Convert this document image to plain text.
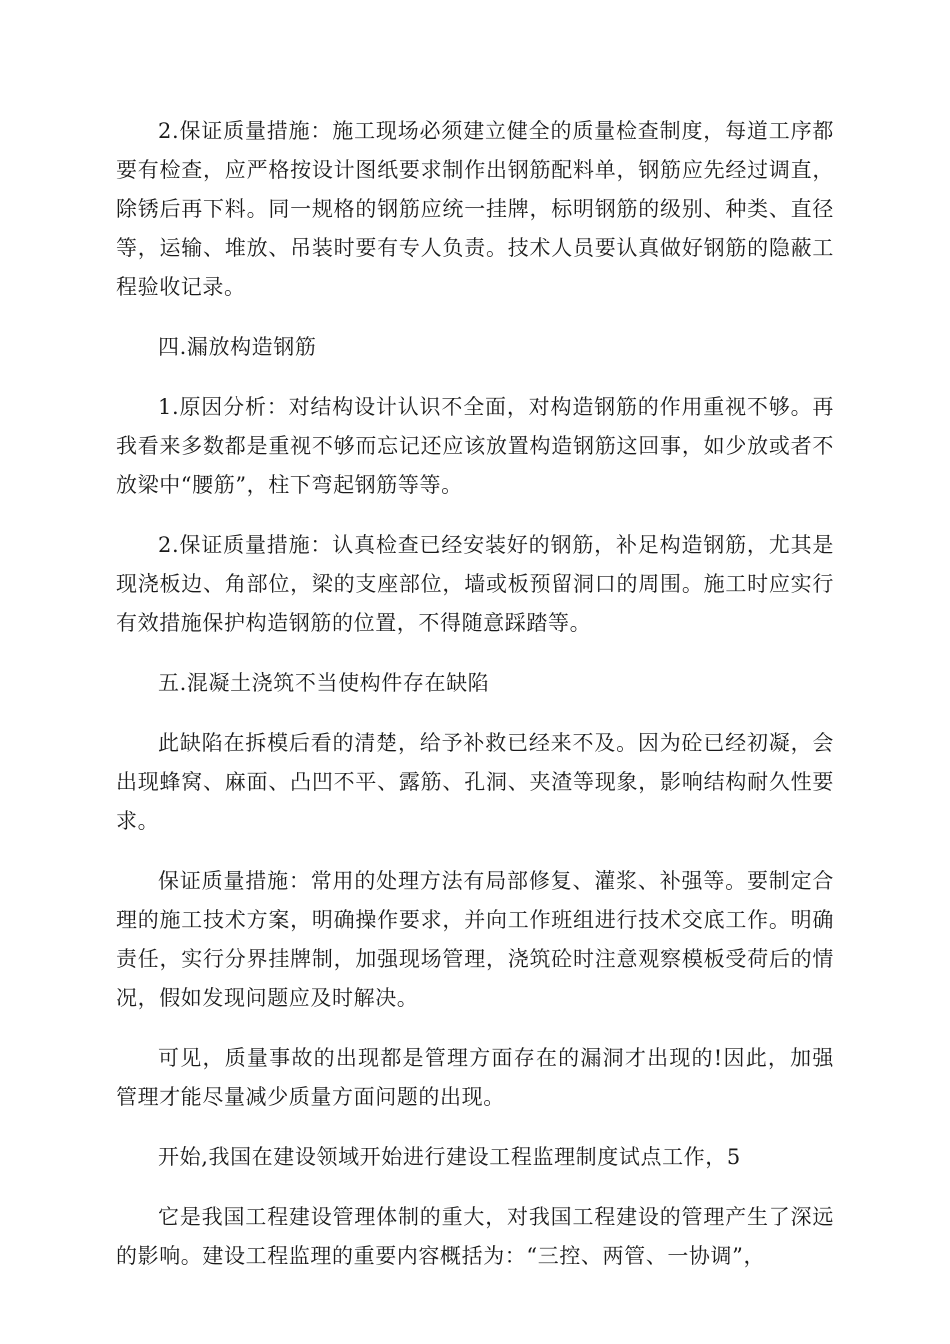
2.保证质量措施：施工现场必须建立健全的质量检查制度，每道工序都要有检查，应严格按设计图纸要求制作出钢筋配料单，钢筋应先经过调直，除锈后再下料。同一规格的钢筋应统一挂牌，标明钢筋的级别、种类、直径等，运输、堆放、吊装时要有专人负责。技术人员要认真做好钢筋的隐蔽工程验收记录。

四.漏放构造钢筋

1.原因分析：对结构设计认识不全面，对构造钢筋的作用重视不够。再我看来多数都是重视不够而忘记还应该放置构造钢筋这回事，如少放或者不放梁中“腰筋”，柱下弯起钢筋等等。

2.保证质量措施：认真检查已经安装好的钢筋，补足构造钢筋，尤其是现浇板边、角部位，梁的支座部位，墙或板预留洞口的周围。施工时应实行有效措施保护构造钢筋的位置，不得随意踩踏等。

五.混凝土浇筑不当使构件存在缺陷

此缺陷在拆模后看的清楚，给予补救已经来不及。因为砼已经初凝，会出现蜂窝、麻面、凸凹不平、露筋、孔洞、夹渣等现象，影响结构耐久性要求。

保证质量措施：常用的处理方法有局部修复、灌浆、补强等。要制定合理的施工技术方案，明确操作要求，并向工作班组进行技术交底工作。明确责任，实行分界挂牌制，加强现场管理，浇筑砼时注意观察模板受荷后的情况，假如发现问题应及时解决。

可见，质量事故的出现都是管理方面存在的漏洞才出现的!因此，加强管理才能尽量减少质量方面问题的出现。

开始,我国在建设领域开始进行建设工程监理制度试点工作，5

它是我国工程建设管理体制的重大，对我国工程建设的管理产生了深远的影响。建设工程监理的重要内容概括为：“三控、两管、一协调”，
